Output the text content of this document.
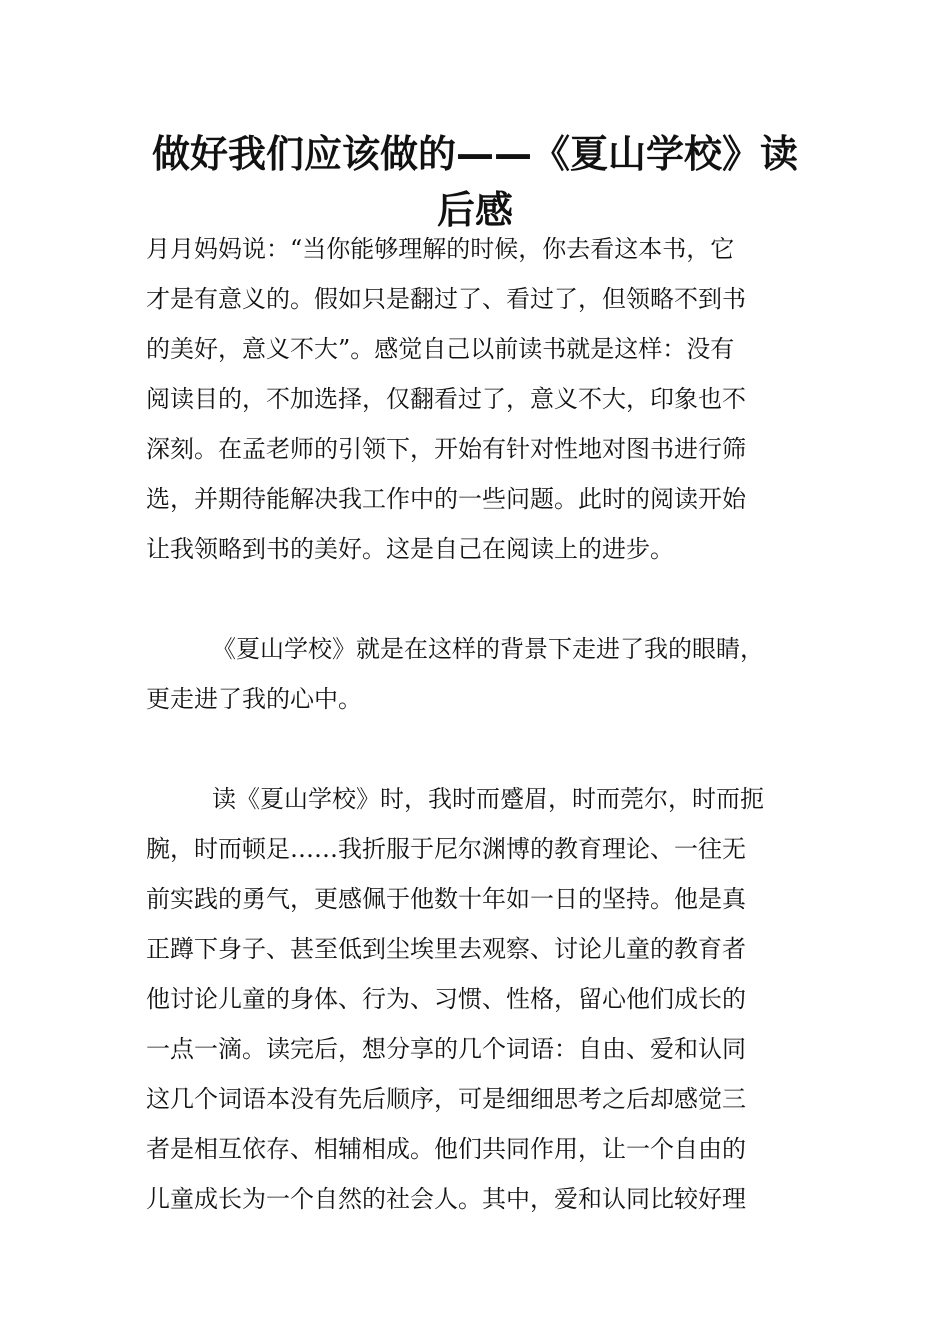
做好我们应该做的——《夏山学校》读
后感
月月妈妈说：“当你能够理解的时候，你去看这本书，它
才是有意义的。假如只是翻过了、看过了，但领略不到书
的美好，意义不大”。感觉自己以前读书就是这样：没有
阅读目的，不加选择，仅翻看过了，意义不大，印象也不
深刻。在孟老师的引领下，开始有针对性地对图书进行筛
选，并期待能解决我工作中的一些问题。此时的阅读开始
让我领略到书的美好。这是自己在阅读上的进步。
《夏山学校》就是在这样的背景下走进了我的眼睛，
更走进了我的心中。
读《夏山学校》时，我时而蹙眉，时而莞尔，时而扼
腕，时而顿足……我折服于尼尔渊博的教育理论、一往无
前实践的勇气，更感佩于他数十年如一日的坚持。他是真
正蹲下身子、甚至低到尘埃里去观察、讨论儿童的教育者
他讨论儿童的身体、行为、习惯、性格，留心他们成长的
一点一滴。读完后，想分享的几个词语：自由、爱和认同
这几个词语本没有先后顺序，可是细细思考之后却感觉三
者是相互依存、相辅相成。他们共同作用，让一个自由的
儿童成长为一个自然的社会人。其中，爱和认同比较好理
